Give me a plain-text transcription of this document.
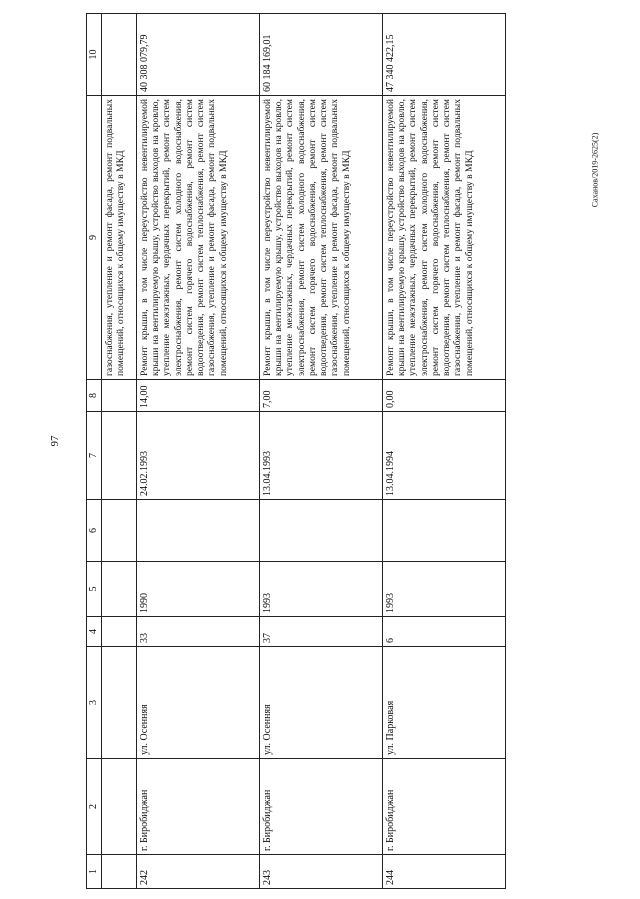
97
Саханов/2019-2625(2)
1	2	3	4	5	6	7	8	9	10

								газоснабжения, утепление и ремонт фасада, ремонт подвальных помещений, относящихся к общему имуществу в МКД	

242	г. Биробиджан	ул. Осенняя	33	1990		24.02.1993	14,00	Ремонт крыши, в том числе переустройство невентилируемой крыши на вентилируемую крышу, устройство выходов на кровлю, утепление межэтажных, чердачных перекрытий, ремонт систем электроснабжения, ремонт систем холодного водоснабжения, ремонт систем горячего водоснабжения, ремонт систем водоотведения, ремонт систем теплоснабжения, ремонт систем газоснабжения, утепление и ремонт фасада, ремонт подвальных помещений, относящихся к общему имуществу в МКД	40 308 079,79
243	г. Биробиджан	ул. Осенняя	37	1993		13.04.1993	7,00	Ремонт крыши, в том числе переустройство невентилируемой крыши на вентилируемую крышу, устройство выходов на кровлю, утепление межэтажных, чердачных перекрытий, ремонт систем электроснабжения, ремонт систем холодного водоснабжения, ремонт систем горячего водоснабжения, ремонт систем водоотведения, ремонт систем теплоснабжения, ремонт систем газоснабжения, утепление и ремонт фасада, ремонт подвальных помещений, относящихся к общему имуществу в МКД	60 184 169,01
244	г. Биробиджан	ул. Парковая	6	1993		13.04.1994	0,00	Ремонт крыши, в том числе переустройство невентилируемой крыши на вентилируемую крышу, устройство выходов на кровлю, утепление межэтажных, чердачных перекрытий, ремонт систем электроснабжения, ремонт систем холодного водоснабжения, ремонт систем горячего водоснабжения, ремонт систем водоотведения, ремонт систем теплоснабжения, ремонт систем газоснабжения, утепление и ремонт фасада, ремонт подвальных помещений, относящихся к общему имуществу в МКД	47 340 422,15
